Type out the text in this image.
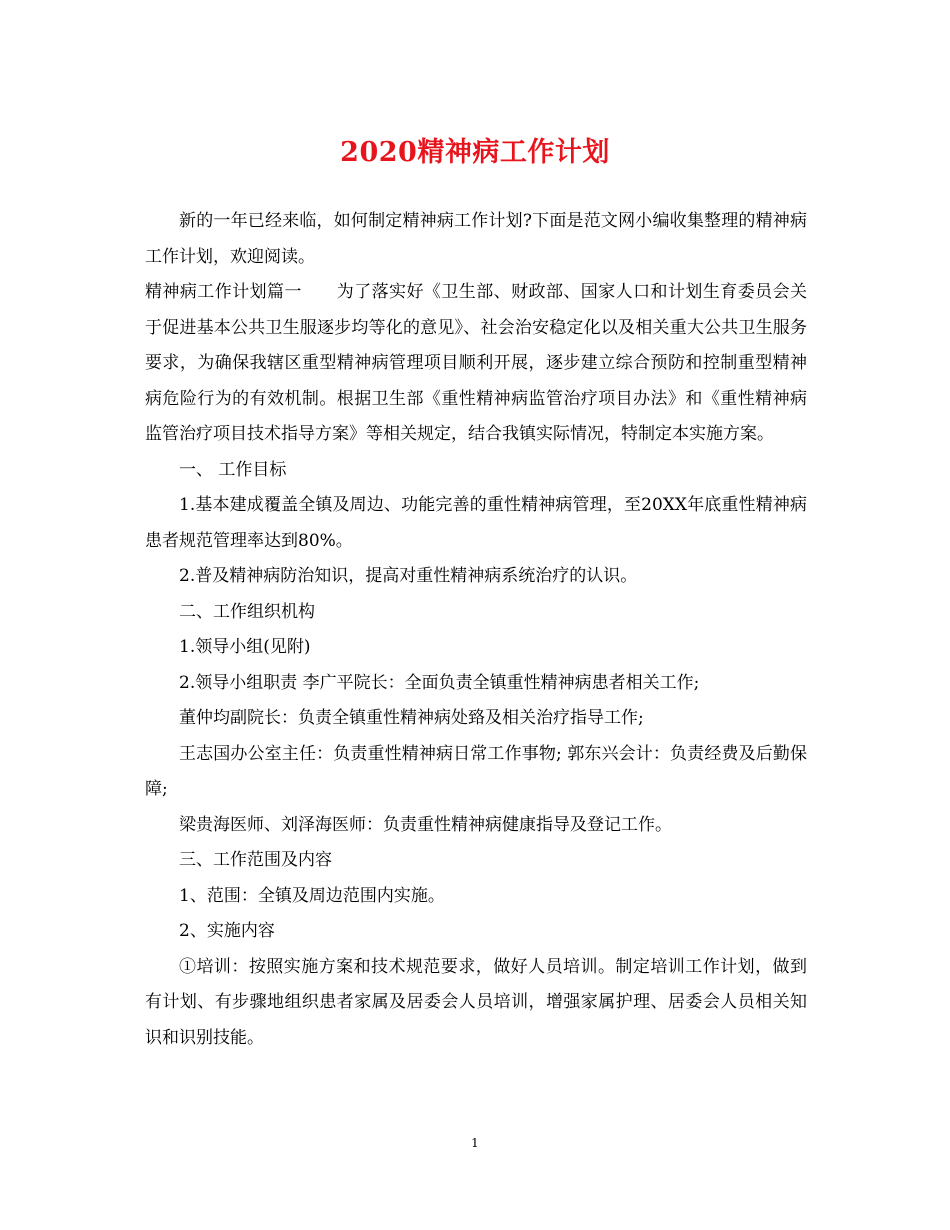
2020精神病工作计划

新的一年已经来临，如何制定精神病工作计划?下面是范文网小编收集整理的精神病工作计划，欢迎阅读。

精神病工作计划篇一　　为了落实好《卫生部、财政部、国家人口和计划生育委员会关于促进基本公共卫生服逐步均等化的意见》、社会治安稳定化以及相关重大公共卫生服务要求，为确保我辖区重型精神病管理项目顺利开展，逐步建立综合预防和控制重型精神病危险行为的有效机制。根据卫生部《重性精神病监管治疗项目办法》和《重性精神病监管治疗项目技术指导方案》等相关规定，结合我镇实际情况，特制定本实施方案。

一、 工作目标

1.基本建成覆盖全镇及周边、功能完善的重性精神病管理，至20XX年底重性精神病患者规范管理率达到80%。

2.普及精神病防治知识，提高对重性精神病系统治疗的认识。

二、工作组织机构

1.领导小组(见附)

2.领导小组职责 李广平院长：全面负责全镇重性精神病患者相关工作;

董仲均副院长：负责全镇重性精神病处臵及相关治疗指导工作;

王志国办公室主任：负责重性精神病日常工作事物; 郭东兴会计：负责经费及后勤保障;

梁贵海医师、刘泽海医师：负责重性精神病健康指导及登记工作。

三、工作范围及内容

1、范围：全镇及周边范围内实施。

2、实施内容

①培训：按照实施方案和技术规范要求，做好人员培训。制定培训工作计划，做到有计划、有步骤地组织患者家属及居委会人员培训，增强家属护理、居委会人员相关知识和识别技能。

1
